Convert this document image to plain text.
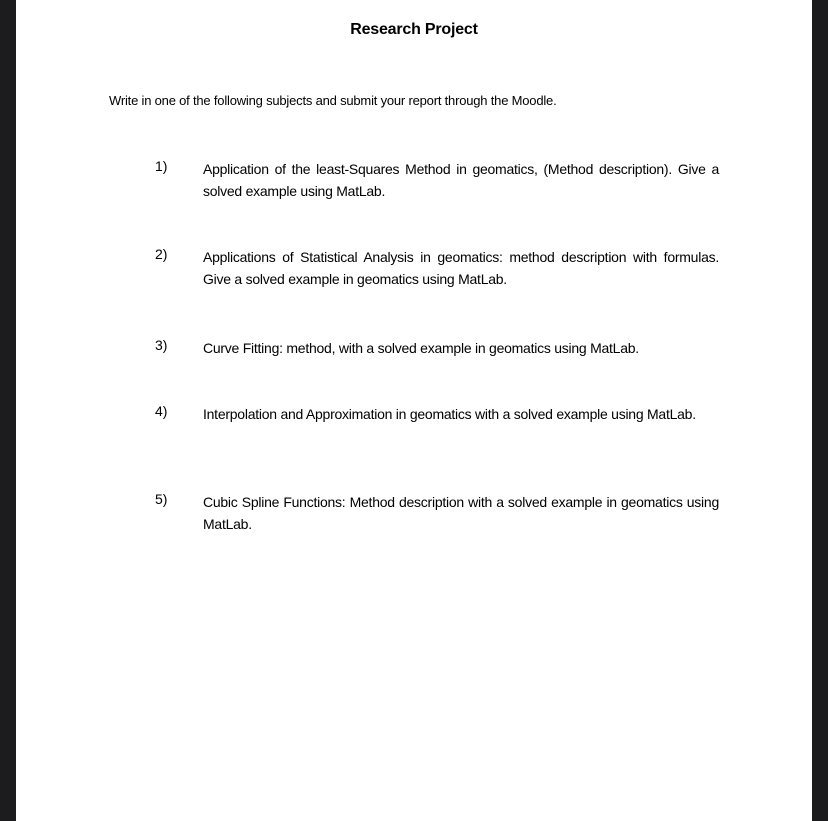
Research Project
Write in one of the following subjects and submit your report through the Moodle.
1)	Application of the least-Squares Method in geomatics, (Method description). Give a solved example using MatLab.
2)	Applications of Statistical Analysis in geomatics: method description with formulas. Give a solved example in geomatics using MatLab.
3)	Curve Fitting: method, with a solved example in geomatics using MatLab.
4)	Interpolation and Approximation in geomatics with a solved example using MatLab.
5)	Cubic Spline Functions: Method description with a solved example in geomatics using MatLab.
